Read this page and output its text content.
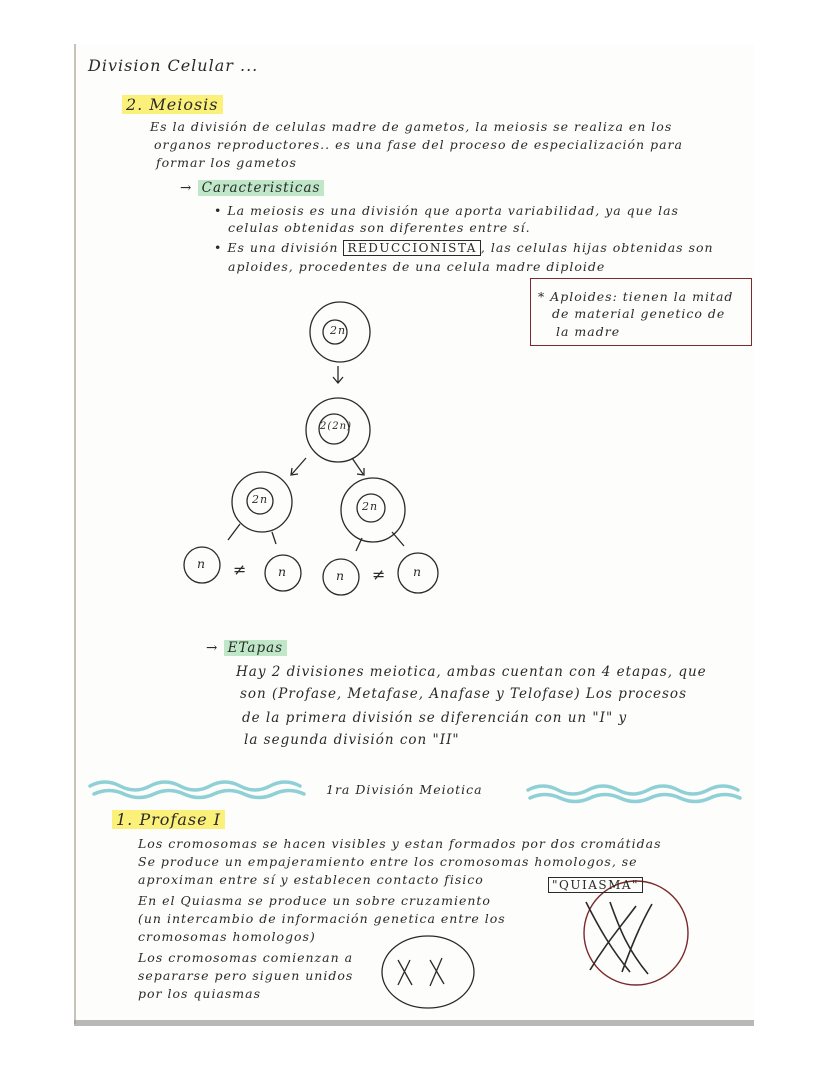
Division Celular ...
2. Meiosis
Es la división de celulas madre de gametos, la meiosis se realiza en los
organos reproductores.. es una fase del proceso de especialización para
formar los gametos
→ Caracteristicas
• La meiosis es una división que aporta variabilidad, ya que las
celulas obtenidas son diferentes entre sí.
• Es una división REDUCCIONISTA , las celulas hijas obtenidas son
aploides, procedentes de una celula madre diploide
* Aploides: tienen la mitad
de material genetico de
la madre
2n
2(2n)
2n
2n
n ≠ n	n ≠ n
→ ETapas
Hay 2 divisiones meiotica, ambas cuentan con 4 etapas, que
son (Profase, Metafase, Anafase y Telofase) Los procesos
de la primera división se diferencián con un "I" y
la segunda división con "II"
1ra División Meiotica
1. Profase I
Los cromosomas se hacen visibles y estan formados por dos cromátidas
Se produce un empajeramiento entre los cromosomas homologos, se
aproximan entre sí y establecen contacto fisico	"QUIASMA"
En el Quiasma se produce un sobre cruzamiento
(un intercambio de información genetica entre los
cromosomas homologos)
Los cromosomas comienzan a
separarse pero siguen unidos
por los quiasmas
